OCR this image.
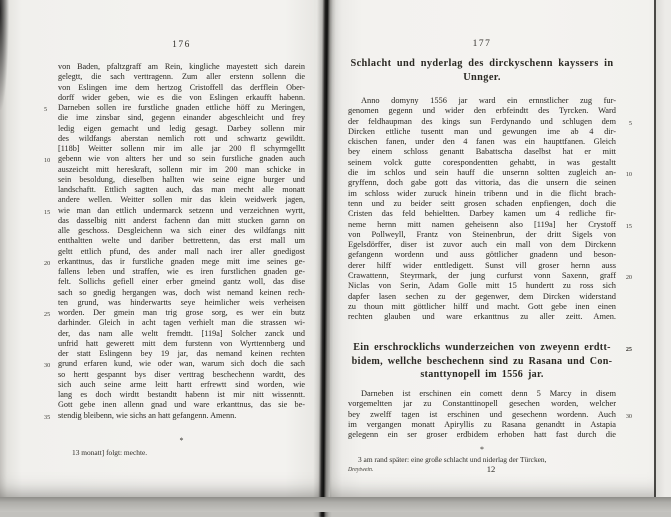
176
von Baden, pfaltzgraff am Rein, kingliche mayestett sich darein
gelegtt, die sach verttragenn. Zum aller erstenn sollenn die
von Eslingen ime dem hertzog Cristoffell das derfflein Ober-
dorff wider geben, wie es die von Eslingen erkaufft habenn.
Darneben sollen ire furstliche gnaden ettliche höff zu Meringen,
5
die ime zinsbar sind, gegenn einander abgeschleicht und frey
ledig eigen gemacht und ledig gesagt. Darbey sollenn mir
des wildfangs aberstan nemlich rott und schwartz gewildtt.
[118b] Weitter sollenn mir im alle jar 200 fl schyrmgelltt
gebenn wie von altters her und so sein furstliche gnaden auch
10
auszeicht mitt hereskraft, sollenn mir im 200 man schicke in
sein besoldung, dieselben hallten wie seine eigne burger und
landschaftt. Ettlich sagtten auch, das man mecht alle monatt
andere wellen. Weitter sollen mir das klein weidwerk jagen,
wie man dan ettlich undermarck setzenn und verzeichnen wyrtt,
15
das dasselbig nitt anderst fachenn dan mitt stucken garnn on
alle geschoss. Desgleichenn wa sich einer des wildfangs nitt
entthaltten welte und dariber bettrettenn, das erst mall um
geltt ettlich pfund, des ander mall nach irer aller gnedigost
erkanttnus, das ir furstliche gnaden mege mitt ime seines ge-
20
fallens leben und straffen, wie es iren furstlichen gnaden ge-
felt. Sollichs gefiell einer erber gmeind gantz woll, das dise
sach so gnedig hergangen was, doch wist nemand keinen rech-
ten grund, was hinderwartts seye heimlicher weis verheisen
worden. Der gmein man trig grose sorg, es wer ein butz
25
darhinder. Gleich in acht tagen verhielt man die strassen wi-
der, das nam alle weltt fremdtt. [119a] Solcher zanck und
unfrid hatt gewerett mitt dem furstenn von Wyrttennberg und
der statt Eslingenn bey 19 jar, das nemand keinen rechten
grund erfaren kund, wie oder wan, warum sich doch die sach
30
so hertt gespannt bys diser verttrag beschechenn wardtt, des
sich auch seine arme leitt hartt erfrewtt sind worden, wie
lang es doch wirdtt bestandtt habenn ist mir nitt wissenntt.
Gott gebe inen allenn gnad und ware erkanttnus, das sie be-
stendig bleibenn, wie sichs an hatt gefangenn. Amenn.
35
*
13 monatt] folgt: mechte.
177
Schlacht und nyderlag des dirckyschenn kayssers in
Unnger.
Anno domyny 1556 jar ward ein ernnstlicher zug fur-
genomen gegenn und wider den erbfeindtt des Tyrcken. Ward
der feldhaupman des kings sun Ferdynando und schlugen dem 5
Dircken ettliche tusentt man und gewungen ime ab 4 dir-
ckischen fanen, under den 4 fanen was ein haupttfanen. Gleich
bey einem schloss genantt Babattscha daselbst hat er mitt
seinem volck gutte corespondentten gehabtt, in was gestaltt
die im schlos und sein hauff die unsernn soltten zugleich an- 10
gryffenn, doch gabe gott das vittoria, das die unsern die seinen
im schloss wider zuruck hinein tribenn und in die flicht brach-
tenn und zu beider seitt grosen schaden enpfiengen, doch die
Cristen das feld behieltten. Darbey kamen um 4 redliche fir-
neme hernn mitt namen geheisenn also [119a] her Crystoff 15
von Pollweyll, Frantz von Steinenbrun, der dritt Sigels von
Egelsdörffer, diser ist zuvor auch ein mall von dem Dirckenn
gefangenn wordenn und auss göttlicher gnadenn und beson-
derer hilff wider enttledigett. Sunst vill groser hernn auss
Crawattenn, Steyrmark, der jung curfurst vonn Saxenn, graff 20
Niclas von Serin, Adam Golle mitt 15 hundertt zu ross sich
dapfer lasen sechen zu der gegenwer, dem Dircken widerstand
zu thoun mitt göttlicher hilff und macht. Gott gebe inen einen
rechten glauben und ware erkanttnus zu aller zeitt. Amen.
Ein erschrocklichs wunderzeichen von zweyenn erdtt- 25
bidem, wellche beschechenn sind zu Rasana und Con-
stanttynopell im 1556 jar.
Darneben ist erschinen ein comett denn 5 Marcy in disem
vorgemeltten jar zu Constanttinopell gesechen worden, welcher
bey zwelff tagen ist erschinen und gesechenn wordenn. Auch 30
im vergangen monatt Apiryllis zu Rasana genandtt in Astapia
gelegenn ein ser groser erdbidem erhoben hatt fast durch die
*
3 am rand später: eine große schlacht und niderlag der Türcken,
Dreytwein.	12
